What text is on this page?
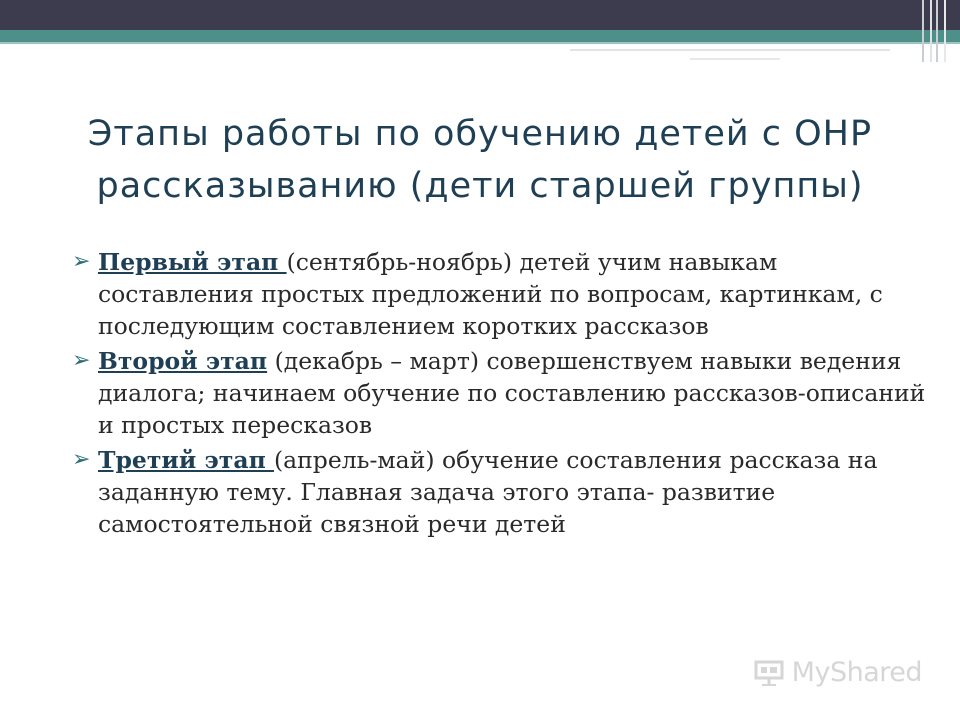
Этапы работы по обучению детей с ОНР рассказыванию (дети старшей группы)
➢ Первый этап (сентябрь-ноябрь) детей учим навыкам составления простых предложений по вопросам, картинкам, с последующим составлением коротких рассказов
➢ Второй этап (декабрь – март) совершенствуем навыки ведения диалога; начинаем обучение по составлению рассказов-описаний и простых пересказов
➢ Третий этап (апрель-май) обучение составления рассказа на заданную тему. Главная задача этого этапа- развитие самостоятельной связной речи детей
MyShared
